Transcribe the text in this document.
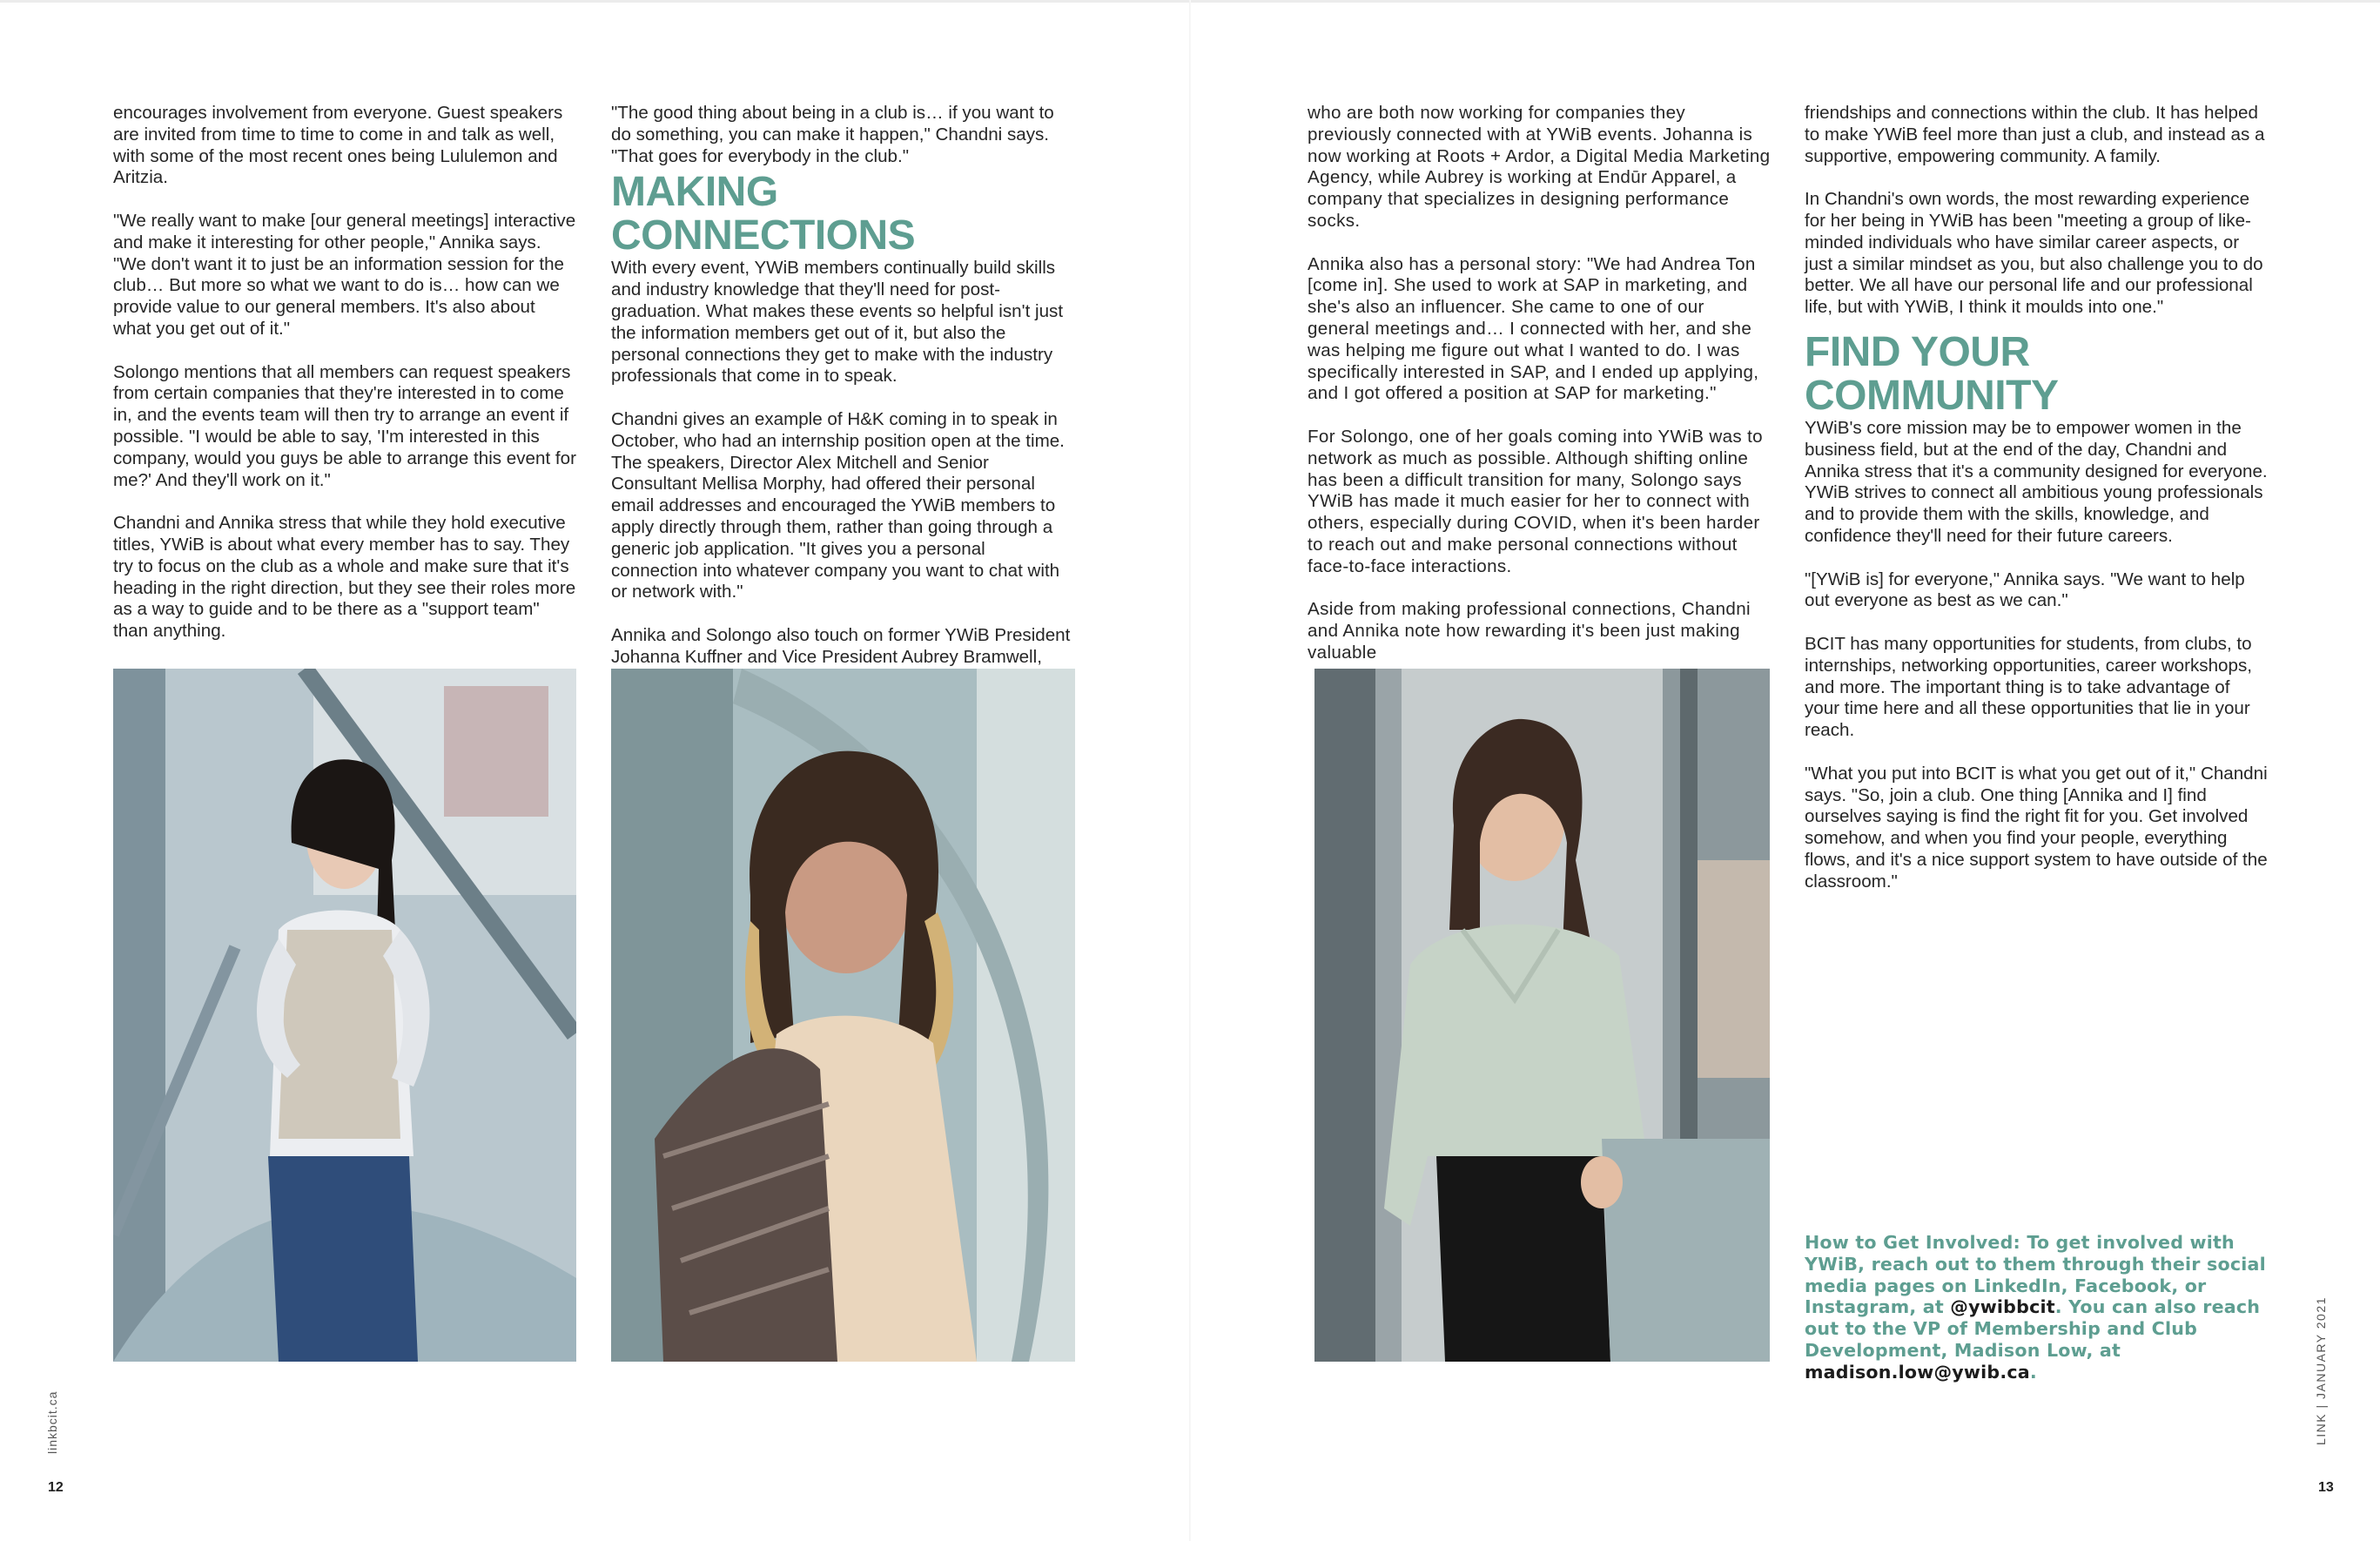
encourages involvement from everyone. Guest speakers are invited from time to time to come in and talk as well, with some of the most recent ones being Lululemon and Aritzia.

"We really want to make [our general meetings] interactive and make it interesting for other people," Annika says. "We don't want it to just be an information session for the club… But more so what we want to do is… how can we provide value to our general members. It's also about what you get out of it."

Solongo mentions that all members can request speakers from certain companies that they're interested in to come in, and the events team will then try to arrange an event if possible. "I would be able to say, 'I'm interested in this company, would you guys be able to arrange this event for me?' And they'll work on it."

Chandni and Annika stress that while they hold executive titles, YWiB is about what every member has to say. They try to focus on the club as a whole and make sure that it's heading in the right direction, but they see their roles more as a way to guide and to be there as a "support team" than anything.

"The good thing about being in a club is… if you want to do something, you can make it happen," Chandni says. "That goes for everybody in the club."

MAKING CONNECTIONS

With every event, YWiB members continually build skills and industry knowledge that they'll need for post-graduation. What makes these events so helpful isn't just the information members get out of it, but also the personal connections they get to make with the industry professionals that come in to speak.

Chandni gives an example of H&K coming in to speak in October, who had an internship position open at the time. The speakers, Director Alex Mitchell and Senior Consultant Mellisa Morphy, had offered their personal email addresses and encouraged the YWiB members to apply directly through them, rather than going through a generic job application. "It gives you a personal connection into whatever company you want to chat with or network with."

Annika and Solongo also touch on former YWiB President Johanna Kuffner and Vice President Aubrey Bramwell,

linkbcit.ca
12

who are both now working for companies they previously connected with at YWiB events. Johanna is now working at Roots + Ardor, a Digital Media Marketing Agency, while Aubrey is working at Endūr Apparel, a company that specializes in designing performance socks.

Annika also has a personal story: "We had Andrea Ton [come in]. She used to work at SAP in marketing, and she's also an influencer. She came to one of our general meetings and… I connected with her, and she was helping me figure out what I wanted to do. I was specifically interested in SAP, and I ended up applying, and I got offered a position at SAP for marketing."

For Solongo, one of her goals coming into YWiB was to network as much as possible. Although shifting online has been a difficult transition for many, Solongo says YWiB has made it much easier for her to connect with others, especially during COVID, when it's been harder to reach out and make personal connections without face-to-face interactions.

Aside from making professional connections, Chandni and Annika note how rewarding it's been just making valuable

friendships and connections within the club. It has helped to make YWiB feel more than just a club, and instead as a supportive, empowering community. A family.

In Chandni's own words, the most rewarding experience for her being in YWiB has been "meeting a group of like-minded individuals who have similar career aspects, or just a similar mindset as you, but also challenge you to do better. We all have our personal life and our professional life, but with YWiB, I think it moulds into one."

FIND YOUR COMMUNITY

YWiB's core mission may be to empower women in the business field, but at the end of the day, Chandni and Annika stress that it's a community designed for everyone. YWiB strives to connect all ambitious young professionals and to provide them with the skills, knowledge, and confidence they'll need for their future careers.

"[YWiB is] for everyone," Annika says. "We want to help out everyone as best as we can."

BCIT has many opportunities for students, from clubs, to internships, networking opportunities, career workshops, and more. The important thing is to take advantage of your time here and all these opportunities that lie in your reach.

"What you put into BCIT is what you get out of it," Chandni says. "So, join a club. One thing [Annika and I] find ourselves saying is find the right fit for you. Get involved somehow, and when you find your people, everything flows, and it's a nice support system to have outside of the classroom."

How to Get Involved: To get involved with YWiB, reach out to them through their social media pages on LinkedIn, Facebook, or Instagram, at @ywibbcit. You can also reach out to the VP of Membership and Club Development, Madison Low, at madison.low@ywib.ca.	LINK | JANUARY 2021
13
